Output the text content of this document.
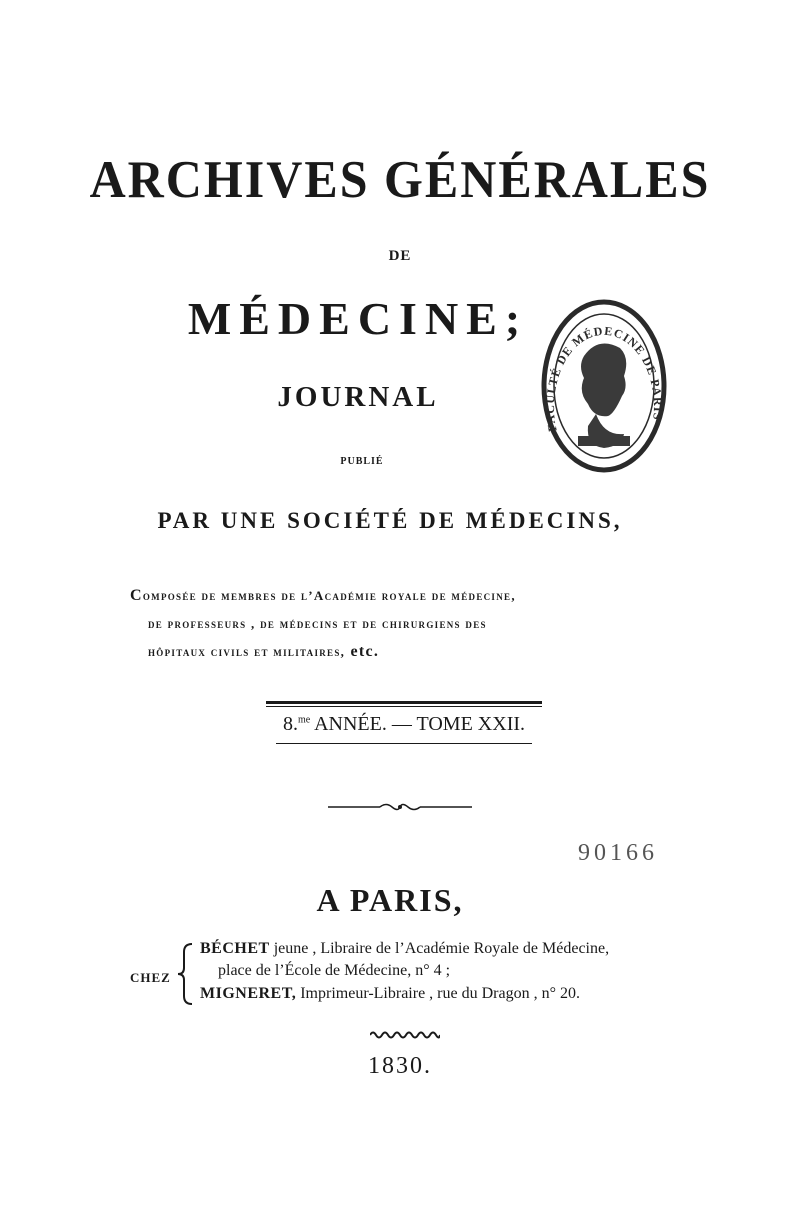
ARCHIVES GÉNÉRALES
DE
MÉDECINE;
JOURNAL
PUBLIÉ
PAR UNE SOCIÉTÉ DE MÉDECINS,
Composée de membres de l’Académie royale de médecine,
de professeurs , de médecins et de chirurgiens des
hôpitaux civils et militaires, etc.
8.$^{me}$ ANNÉE. — TOME XXII.
FACULTÉ DE MÉDECINE DE PARIS
90166
A PARIS,
CHEZ
BÉCHET jeune , Libraire de l’Académie Royale de Médecine,
place de l’École de Médecine, n° 4 ;
MIGNERET, Imprimeur-Libraire , rue du Dragon , n° 20.
1830.
